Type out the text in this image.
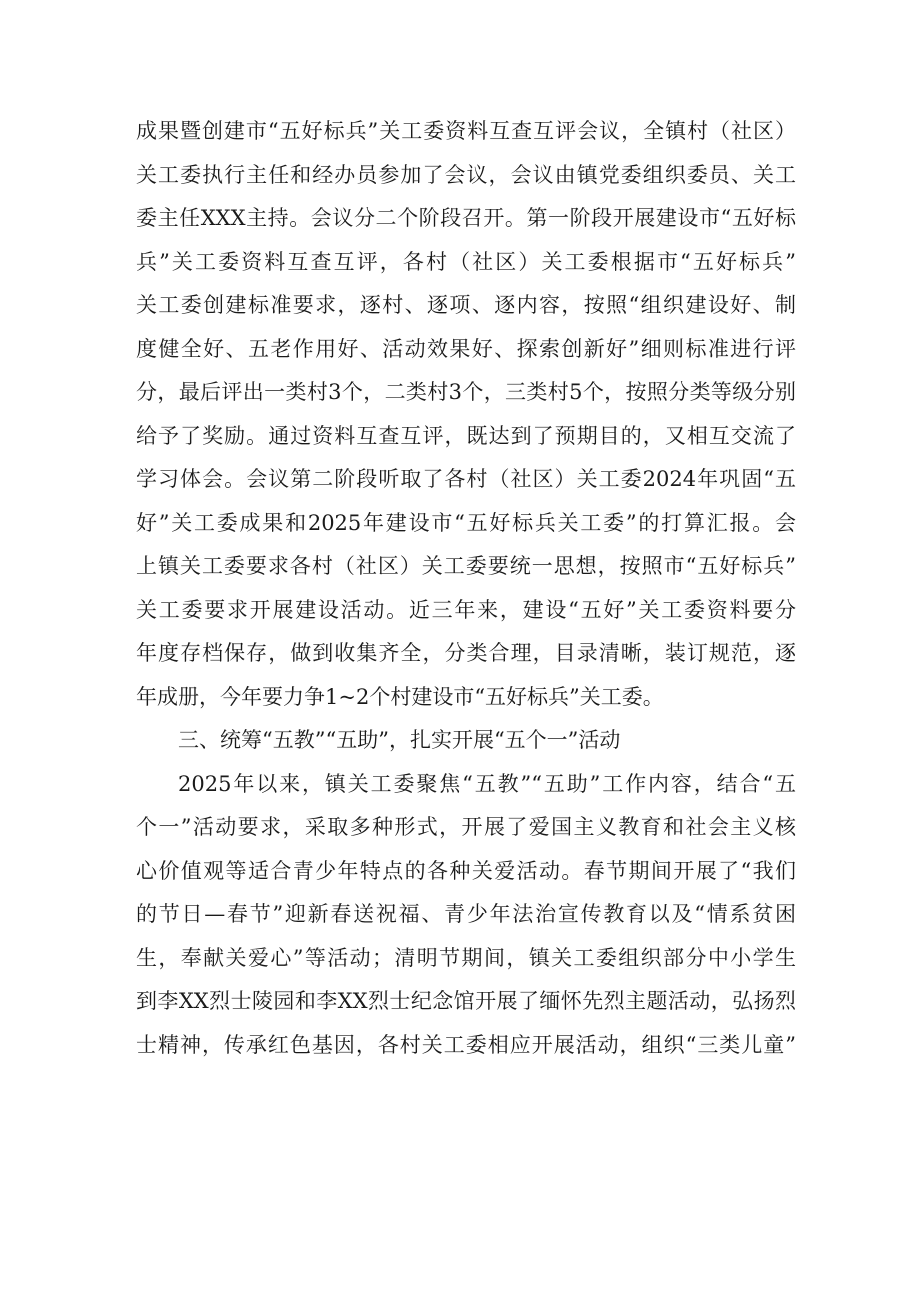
成果暨创建市“五好标兵”关工委资料互查互评会议，全镇村（社区）
关工委执行主任和经办员参加了会议，会议由镇党委组织委员、关工
委主任XXX主持。会议分二个阶段召开。第一阶段开展建设市“五好标
兵”关工委资料互查互评，各村（社区）关工委根据市“五好标兵”
关工委创建标准要求，逐村、逐项、逐内容，按照“组织建设好、制
度健全好、五老作用好、活动效果好、探索创新好”细则标准进行评
分，最后评出一类村3个，二类村3个，三类村5个，按照分类等级分别
给予了奖励。通过资料互查互评，既达到了预期目的，又相互交流了
学习体会。会议第二阶段听取了各村（社区）关工委2024年巩固“五
好”关工委成果和2025年建设市“五好标兵关工委”的打算汇报。会
上镇关工委要求各村（社区）关工委要统一思想，按照市“五好标兵”
关工委要求开展建设活动。近三年来，建设“五好”关工委资料要分
年度存档保存，做到收集齐全，分类合理，目录清晰，装订规范，逐
年成册，今年要力争1~2个村建设市“五好标兵”关工委。
三、统筹“五教”“五助”，扎实开展“五个一”活动
2025年以来，镇关工委聚焦“五教”“五助”工作内容，结合“五
个一”活动要求，采取多种形式，开展了爱国主义教育和社会主义核
心价值观等适合青少年特点的各种关爱活动。春节期间开展了“我们
的节日—春节”迎新春送祝福、青少年法治宣传教育以及“情系贫困
生，奉献关爱心”等活动；清明节期间，镇关工委组织部分中小学生
到李XX烈士陵园和李XX烈士纪念馆开展了缅怀先烈主题活动，弘扬烈
士精神，传承红色基因，各村关工委相应开展活动，组织“三类儿童”
